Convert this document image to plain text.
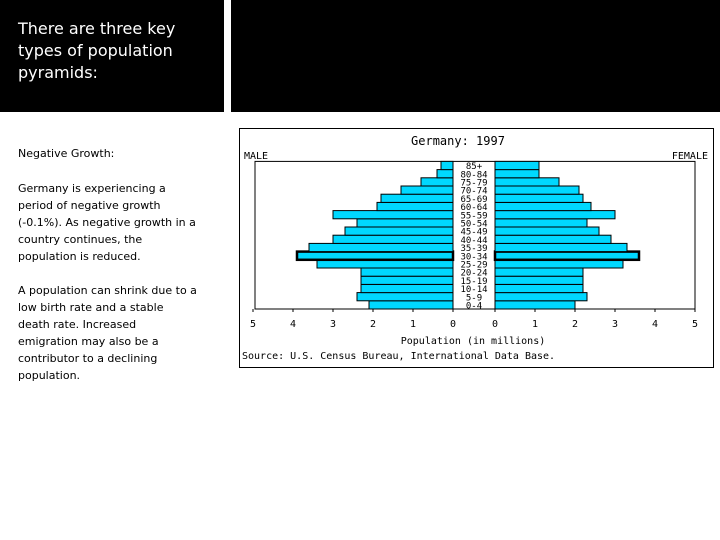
There are three key types of population pyramids:

Negative Growth:

Germany is experiencing a period of negative growth (-0.1%). As negative growth in a country continues, the population is reduced.

A population can shrink due to a low birth rate and a stable death rate. Increased emigration may also be a contributor to a declining population.

Germany: 1997
MALE	FEMALE
0-4
5-9
10-14
15-19
20-24
25-29
30-34
35-39
40-44
45-49
50-54
55-59
60-64
65-69
70-74
75-79
80-84
85+
5	4	3	2	1	0	0	1	2	3	4	5
Population (in millions)
Source: U.S. Census Bureau, International Data Base.
